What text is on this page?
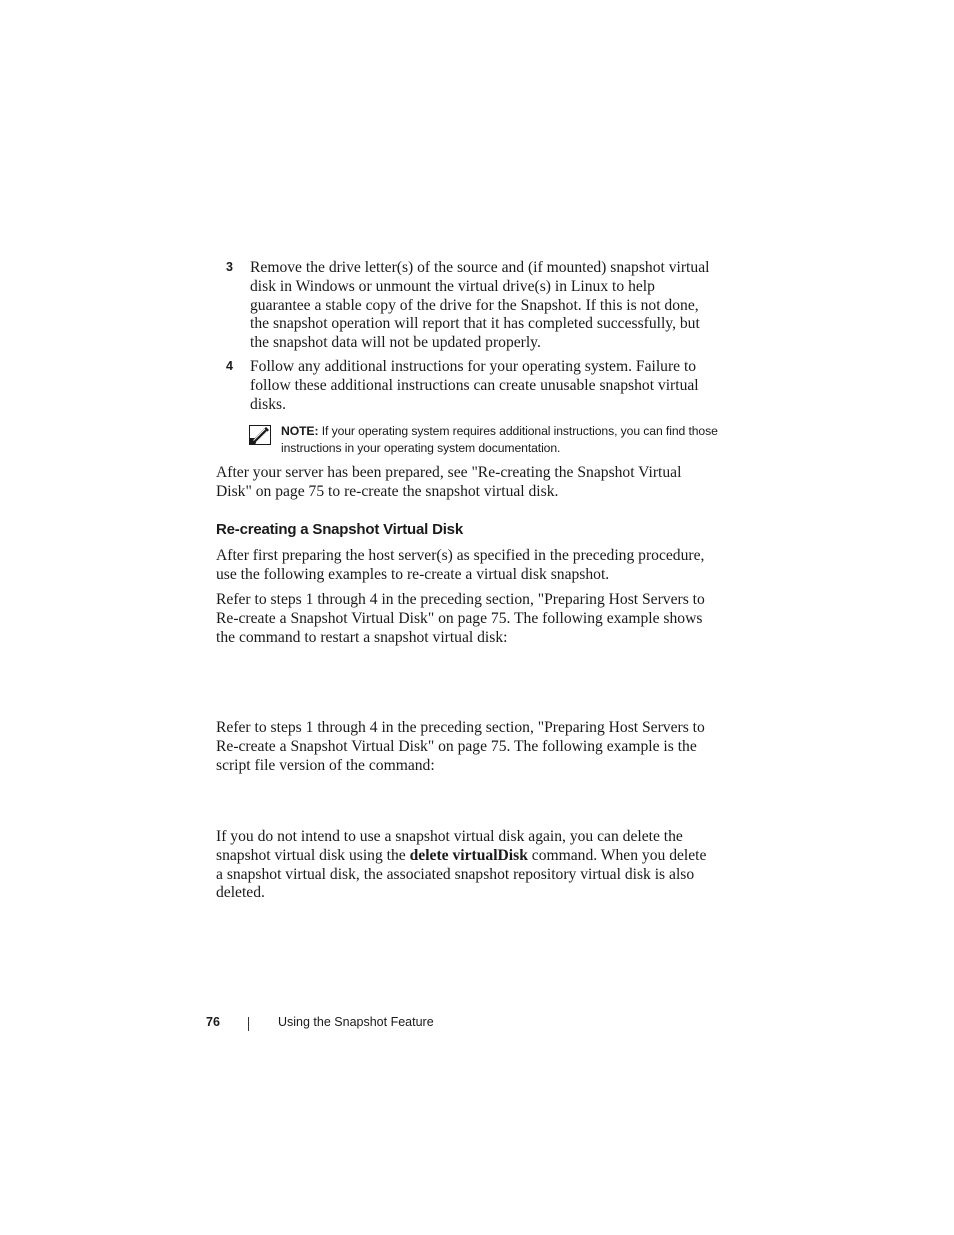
3	Remove the drive letter(s) of the source and (if mounted) snapshot virtual disk in Windows or unmount the virtual drive(s) in Linux to help guarantee a stable copy of the drive for the Snapshot. If this is not done, the snapshot operation will report that it has completed successfully, but the snapshot data will not be updated properly.

4	Follow any additional instructions for your operating system. Failure to follow these additional instructions can create unusable snapshot virtual disks.

NOTE: If your operating system requires additional instructions, you can find those instructions in your operating system documentation.

After your server has been prepared, see "Re-creating the Snapshot Virtual Disk" on page 75 to re-create the snapshot virtual disk.

Re-creating a Snapshot Virtual Disk

After first preparing the host server(s) as specified in the preceding procedure, use the following examples to re-create a virtual disk snapshot.

Refer to steps 1 through 4 in the preceding section, "Preparing Host Servers to Re-create a Snapshot Virtual Disk" on page 75. The following example shows the command to restart a snapshot virtual disk:

Refer to steps 1 through 4 in the preceding section, "Preparing Host Servers to Re-create a Snapshot Virtual Disk" on page 75. The following example is the script file version of the command:

If you do not intend to use a snapshot virtual disk again, you can delete the snapshot virtual disk using the delete virtualDisk command. When you delete a snapshot virtual disk, the associated snapshot repository virtual disk is also deleted.

76	Using the Snapshot Feature
